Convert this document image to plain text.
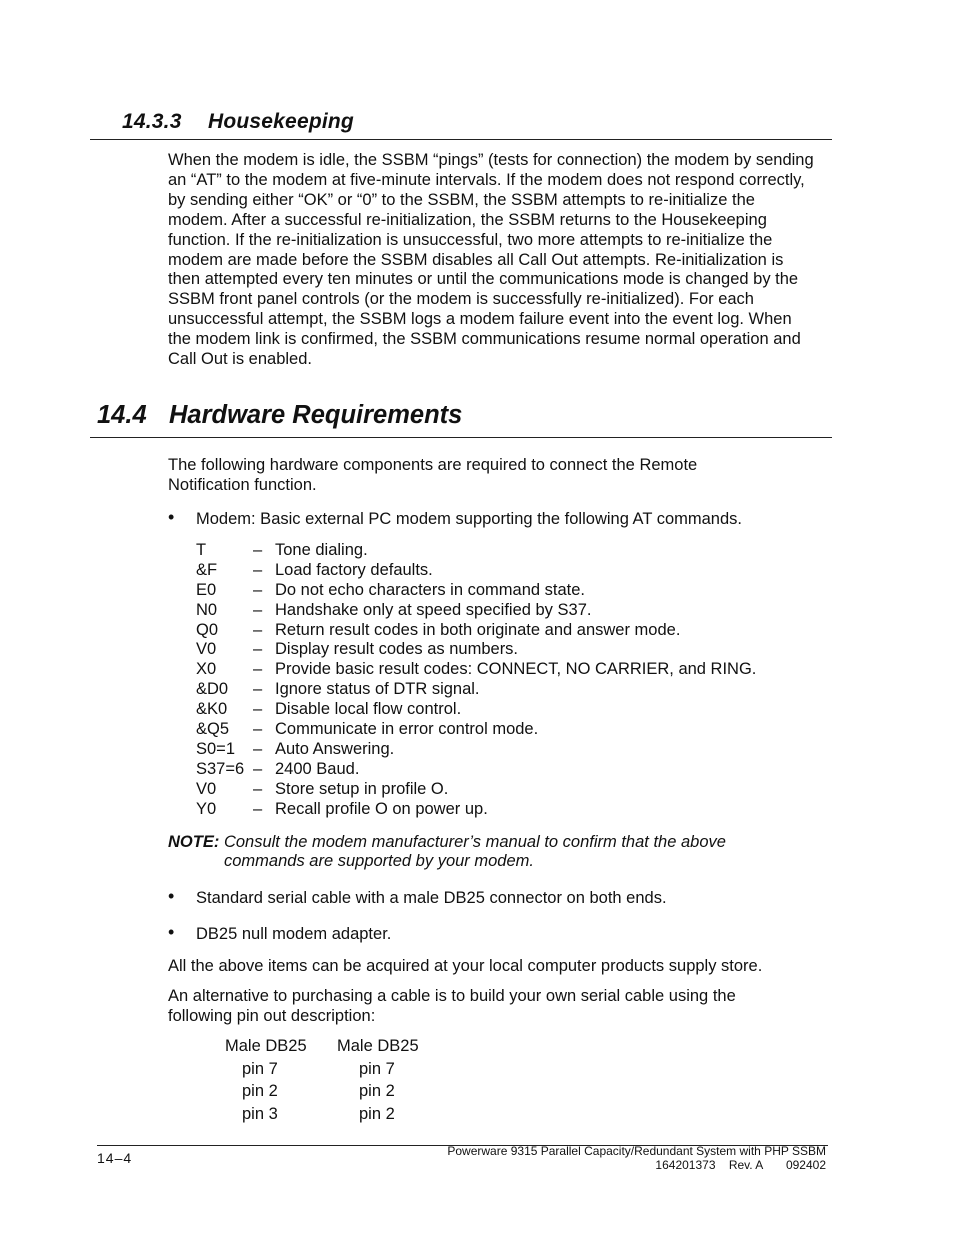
14.3.3 Housekeeping
When the modem is idle, the SSBM “pings” (tests for connection) the modem by sending an “AT” to the modem at five-minute intervals. If the modem does not respond correctly, by sending either “OK” or “0” to the SSBM, the SSBM attempts to re-initialize the modem. After a successful re-initialization, the SSBM returns to the Housekeeping function. If the re-initialization is unsuccessful, two more attempts to re-initialize the modem are made before the SSBM disables all Call Out attempts. Re-initialization is then attempted every ten minutes or until the communications mode is changed by the SSBM front panel controls (or the modem is successfully re-initialized). For each unsuccessful attempt, the SSBM logs a modem failure event into the event log. When the modem link is confirmed, the SSBM communications resume normal operation and Call Out is enabled.
14.4 Hardware Requirements
The following hardware components are required to connect the Remote Notification function.
• Modem: Basic external PC modem supporting the following AT commands.
T	– Tone dialing.
&F – Load factory defaults.
E0 – Do not echo characters in command state.
N0 – Handshake only at speed specified by S37.
Q0 – Return result codes in both originate and answer mode.
V0 – Display result codes as numbers.
X0 – Provide basic result codes: CONNECT, NO CARRIER, and RING.
&D0 – Ignore status of DTR signal.
&K0 – Disable local flow control.
&Q5 – Communicate in error control mode.
S0=1 – Auto Answering.
S37=6 – 2400 Baud.
V0 – Store setup in profile O.
Y0 – Recall profile O on power up.
NOTE: Consult the modem manufacturer’s manual to confirm that the above
commands are supported by your modem.
• Standard serial cable with a male DB25 connector on both ends.
• DB25 null modem adapter.
All the above items can be acquired at your local computer products supply store.
An alternative to purchasing a cable is to build your own serial cable using the following pin out description:
Male DB25	Male DB25
pin 7	pin 7
pin 2	pin 2
pin 3	pin 2
14–4	Powerware 9315 Parallel Capacity/Redundant System with PHP SSBM
164201373    Rev. A       092402
